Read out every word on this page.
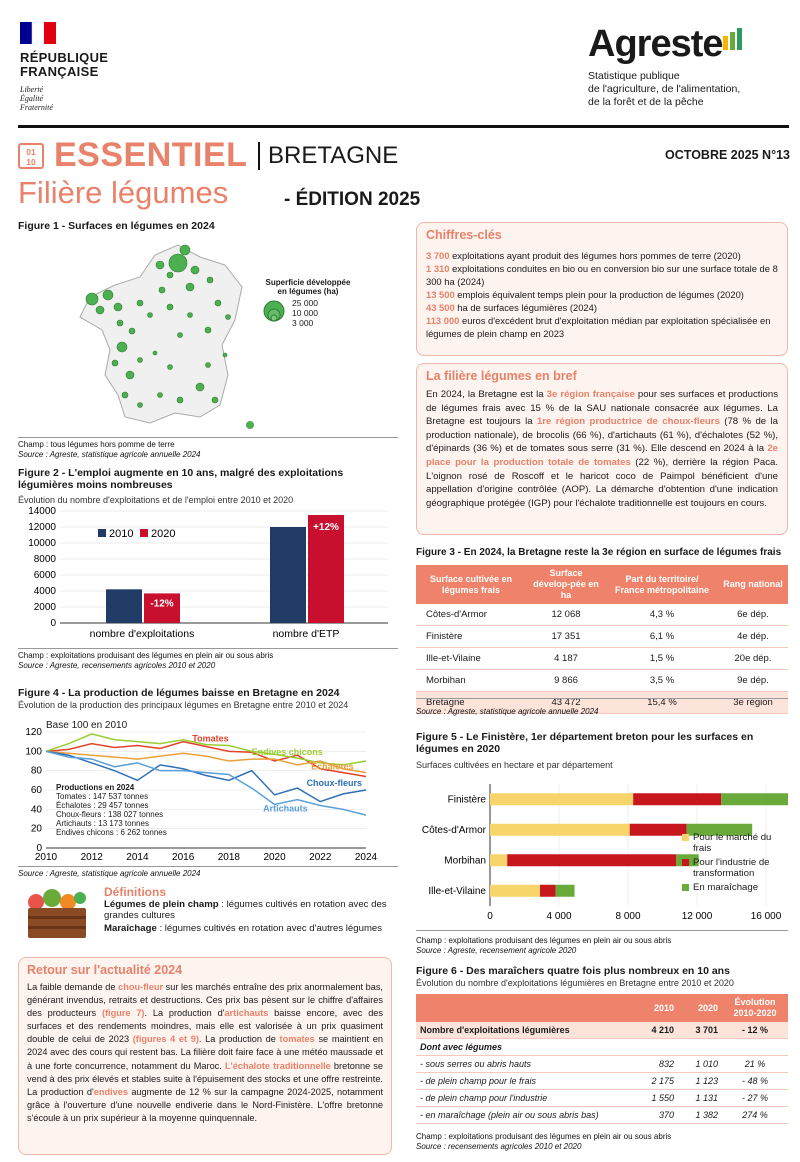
RÉPUBLIQUE
FRANÇAISE
Liberté
Égalité
Fraternité
Agreste
Statistique publique
de l'agriculture, de l'alimentation,
de la forêt et de la pêche
01
10 ESSENTIEL BRETAGNE	OCTOBRE 2025 N°13
Filière légumes	- ÉDITION 2025
Figure 1 - Surfaces en légumes en 2024
Superficie développée
en légumes (ha)
25 000
10 000
3 000
Champ : tous légumes hors pomme de terre
Source : Agreste, statistique agricole annuelle 2024
Figure 2 - L'emploi augmente en 10 ans, malgré des exploitations légumières moins nombreuses
Évolution du nombre d'exploitations et de l'emploi entre 2010 et 2020
0
2000
4000
6000
8000
10000
12000
14000
nombre d'exploitations
-12%
nombre d'ETP
+12%
2010 2020
Champ : exploitations produisant des légumes en plein air ou sous abris
Source : Agreste, recensements agricoles 2010 et 2020
Figure 4 - La production de légumes baisse en Bretagne en 2024
Évolution de la production des principaux légumes en Bretagne entre 2010 et 2024
Base 100 en 2010
0
20
40
60
80
100
120
2010 2012 2014 2016 2018 2020 2022 2024
Tomates
Endives chicons
Échalotes
Artichauts
Choux-fleurs
Productions en 2024
Tomates : 147 537 tonnes
Échalotes : 29 457 tonnes
Choux-fleurs : 138 027 tonnes
Artichauts : 13 173 tonnes
Endives chicons : 6 262 tonnes
Source : Agreste, statistique agricole annuelle 2024
Définitions
Légumes de plein champ : légumes cultivés en rotation avec des grandes cultures
Maraîchage : légumes cultivés en rotation avec d'autres légumes
Retour sur l'actualité 2024

La faible demande de chou-fleur sur les marchés entraîne des prix anormalement bas, générant invendus, retraits et destructions. Ces prix bas pèsent sur le chiffre d'affaires des producteurs (figure 7). La production d'artichauts baisse encore, avec des surfaces et des rendements moindres, mais elle est valorisée à un prix quasiment double de celui de 2023 (figures 4 et 9). La production de tomates se maintient en 2024 avec des cours qui restent bas. La filière doit faire face à une météo maussade et à une forte concurrence, notamment du Maroc. L'échalote traditionnelle bretonne se vend à des prix élevés et stables suite à l'épuisement des stocks et une offre restreinte. La production d'endives augmente de 12 % sur la campagne 2024-2025, notamment grâce à l'ouverture d'une nouvelle endiverie dans le Nord-Finistère. L'offre bretonne s'écoule à un prix supérieur à la moyenne quinquennale.

Chiffres-clés
3 700 exploitations ayant produit des légumes hors pommes de terre (2020)
1 310 exploitations conduites en bio ou en conversion bio sur une surface totale de 8 300 ha (2024)
13 500 emplois équivalent temps plein pour la production de légumes (2020)
43 500 ha de surfaces légumières (2024)
113 000 euros d'excédent brut d'exploitation médian par exploitation spécialisée en légumes de plein champ en 2023
La filière légumes en bref

En 2024, la Bretagne est la 3e région française pour ses surfaces et productions de légumes frais avec 15 % de la SAU nationale consacrée aux légumes. La Bretagne est toujours la 1re région productrice de choux-fleurs (78 % de la production nationale), de brocolis (66 %), d'artichauts (61 %), d'échalotes (52 %), d'épinards (36 %) et de tomates sous serre (31 %). Elle descend en 2024 à la 2e place pour la production totale de tomates (22 %), derrière la région Paca. L'oignon rosé de Roscoff et le haricot coco de Paimpol bénéficient d'une appellation d'origine contrôlée (AOP). La démarche d'obtention d'une indication géographique protégée (IGP) pour l'échalote traditionnelle est toujours en cours.

Figure 3 - En 2024, la Bretagne reste la 3e région en surface de légumes frais
Surface cultivée en légumes frais	Surface dévelop-pée en ha	Part du territoire/ France métropolitaine	Rang national
Côtes-d'Armor	12 068	4,3 %	6e dép.
Finistère	17 351	6,1 %	4e dép.
Ille-et-Vilaine	4 187	1,5 %	20e dép.
Morbihan	9 866	3,5 %	9e dép.
Bretagne	43 472	15,4 %	3e région
Source : Agreste, statistique agricole annuelle 2024
Figure 5 - Le Finistère, 1er département breton pour les surfaces en légumes en 2020
Surfaces cultivées en hectare et par département
0	4 000	8 000	12 000	16 000
Finistère
Côtes-d'Armor
Morbihan
Ille-et-Vilaine
Champ : exploitations produisant des légumes en plein air ou sous abris
Source : Agreste, recensement agricole 2020
Figure 6 - Des maraîchers quatre fois plus nombreux en 10 ans
Évolution du nombre d'exploitations légumières en Bretagne entre 2010 et 2020
	2010	2020	Évolution 2010-2020
Nombre d'exploitations légumières	4 210	3 701	- 12 %
Dont avec légumes			
- sous serres ou abris hauts	832	1 010	21 %
- de plein champ pour le frais	2 175	1 123	- 48 %
- de plein champ pour l'industrie	1 550	1 131	- 27 %
- en maraîchage (plein air ou sous abris bas)	370	1 382	274 %
Champ : exploitations produisant des légumes en plein air ou sous abris
Source : recensements agricoles 2010 et 2020
Pour le marché du frais
Pour l'industrie de transformation
En maraîchage
